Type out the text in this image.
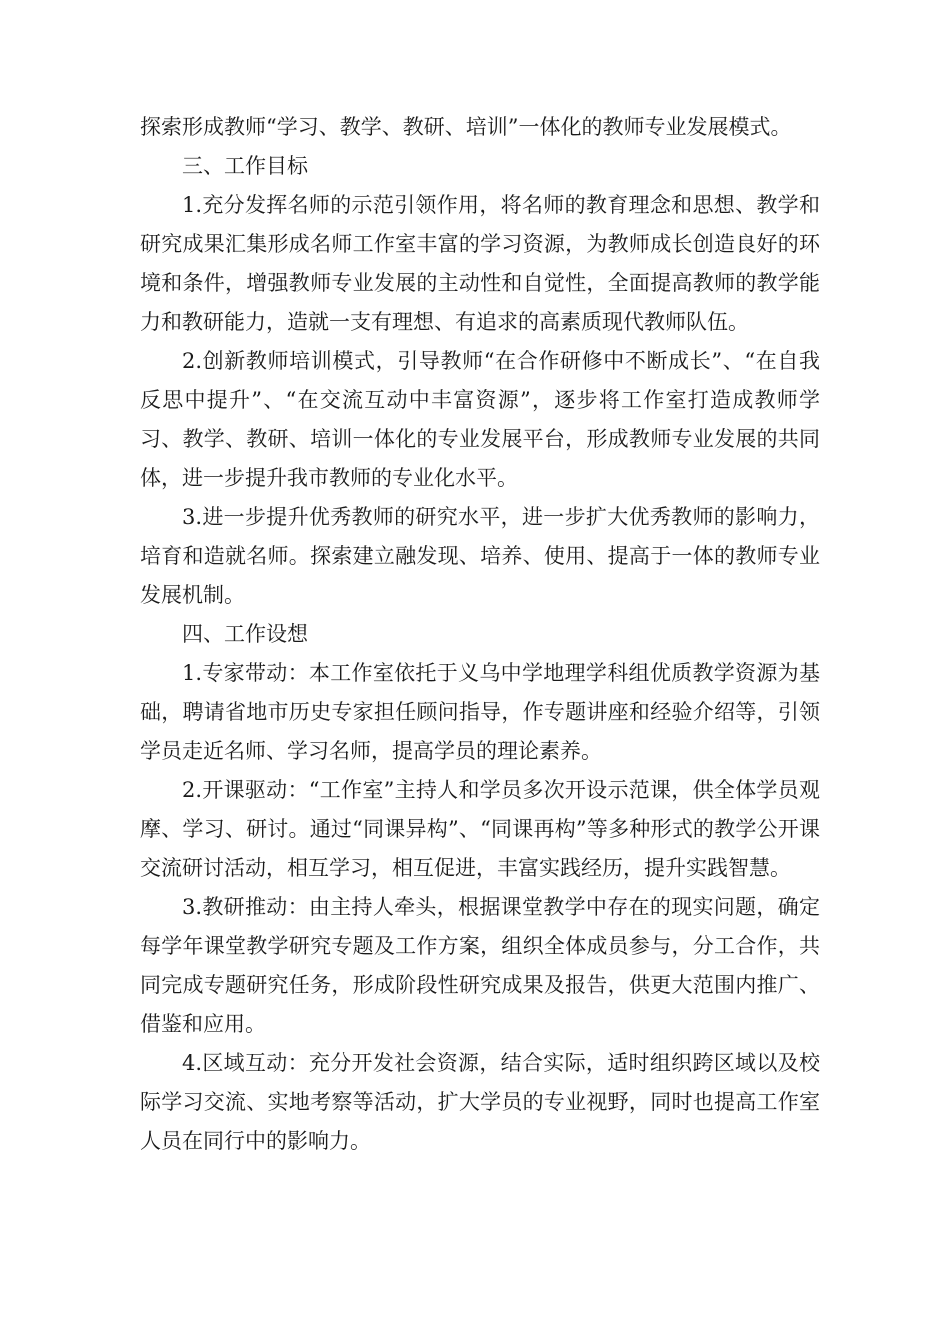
探索形成教师“学习、教学、教研、培训”一体化的教师专业发展模式。

三、工作目标

1.充分发挥名师的示范引领作用，将名师的教育理念和思想、教学和研究成果汇集形成名师工作室丰富的学习资源，为教师成长创造良好的环境和条件，增强教师专业发展的主动性和自觉性，全面提高教师的教学能力和教研能力，造就一支有理想、有追求的高素质现代教师队伍。

2.创新教师培训模式，引导教师“在合作研修中不断成长”、“在自我反思中提升”、“在交流互动中丰富资源”，逐步将工作室打造成教师学习、教学、教研、培训一体化的专业发展平台，形成教师专业发展的共同体，进一步提升我市教师的专业化水平。

3.进一步提升优秀教师的研究水平，进一步扩大优秀教师的影响力，培育和造就名师。探索建立融发现、培养、使用、提高于一体的教师专业发展机制。

四、工作设想

1.专家带动：本工作室依托于义乌中学地理学科组优质教学资源为基础，聘请省地市历史专家担任顾问指导，作专题讲座和经验介绍等，引领学员走近名师、学习名师，提高学员的理论素养。

2.开课驱动：“工作室”主持人和学员多次开设示范课，供全体学员观摩、学习、研讨。通过“同课异构”、“同课再构”等多种形式的教学公开课交流研讨活动，相互学习，相互促进，丰富实践经历，提升实践智慧。

3.教研推动：由主持人牵头，根据课堂教学中存在的现实问题，确定每学年课堂教学研究专题及工作方案，组织全体成员参与，分工合作，共同完成专题研究任务，形成阶段性研究成果及报告，供更大范围内推广、借鉴和应用。

4.区域互动：充分开发社会资源，结合实际，适时组织跨区域以及校际学习交流、实地考察等活动，扩大学员的专业视野，同时也提高工作室人员在同行中的影响力。
